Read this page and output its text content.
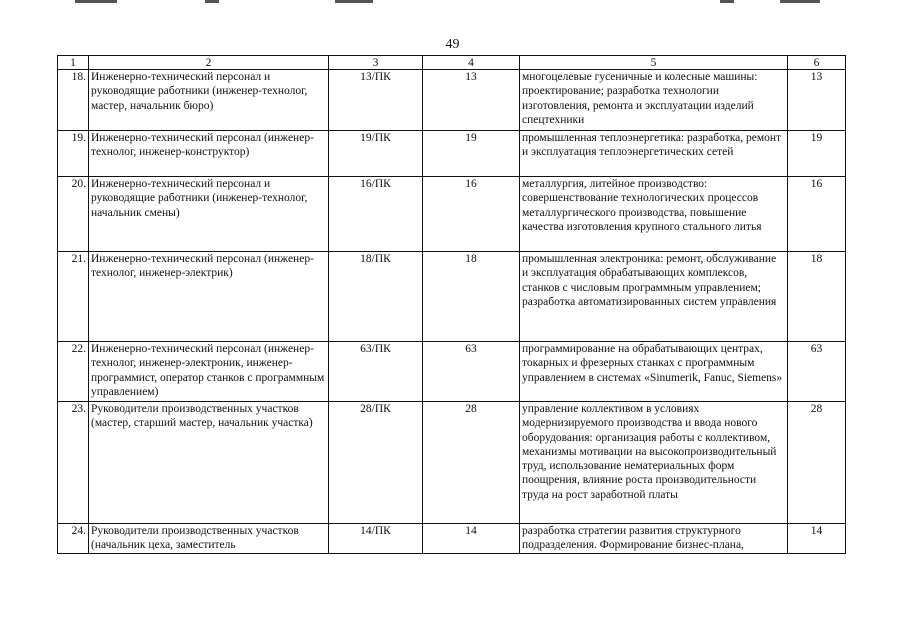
49
1	2	3	4	5	6
18.	Инженерно-технический персонал и руководящие работники (инженер-технолог, мастер, начальник бюро)	13/ПК	13	многоцелевые гусеничные и колесные машины: проектирование; разработка технологии изготовления, ремонта и эксплуатации изделий спецтехники	13
19.	Инженерно-технический персонал (инженер-технолог, инженер-конструктор)	19/ПК	19	промышленная теплоэнергетика: разработка, ремонт и эксплуатация теплоэнергетических сетей	19
20.	Инженерно-технический персонал и руководящие работники (инженер-технолог, начальник смены)	16/ПК	16	металлургия, литейное производство: совершенствование технологических процессов металлургического производства, повышение качества изготовления крупного стального литья	16
21.	Инженерно-технический персонал (инженер-технолог, инженер-электрик)	18/ПК	18	промышленная электроника: ремонт, обслуживание и эксплуатация обрабатывающих комплексов, станков с числовым программным управлением; разработка автоматизированных систем управления	18
22.	Инженерно-технический персонал (инженер-технолог, инженер-электроник, инженер-программист, оператор станков с программным управлением)	63/ПК	63	программирование на обрабатывающих центрах, токарных и фрезерных станках с программным управлением в системах «Sinumerik, Fanuc, Siemens»	63
23.	Руководители производственных участков (мастер, старший мастер, начальник участка)	28/ПК	28	управление коллективом в условиях модернизируемого производства и ввода нового оборудования: организация работы с коллективом, механизмы мотивации на высокопроизводительный труд, использование нематериальных форм поощрения, влияние роста производительности труда на рост заработной платы	28
24.	Руководители производственных участков (начальник цеха, заместитель	14/ПК	14	разработка стратегии развития структурного подразделения. Формирование бизнес-плана,	14
